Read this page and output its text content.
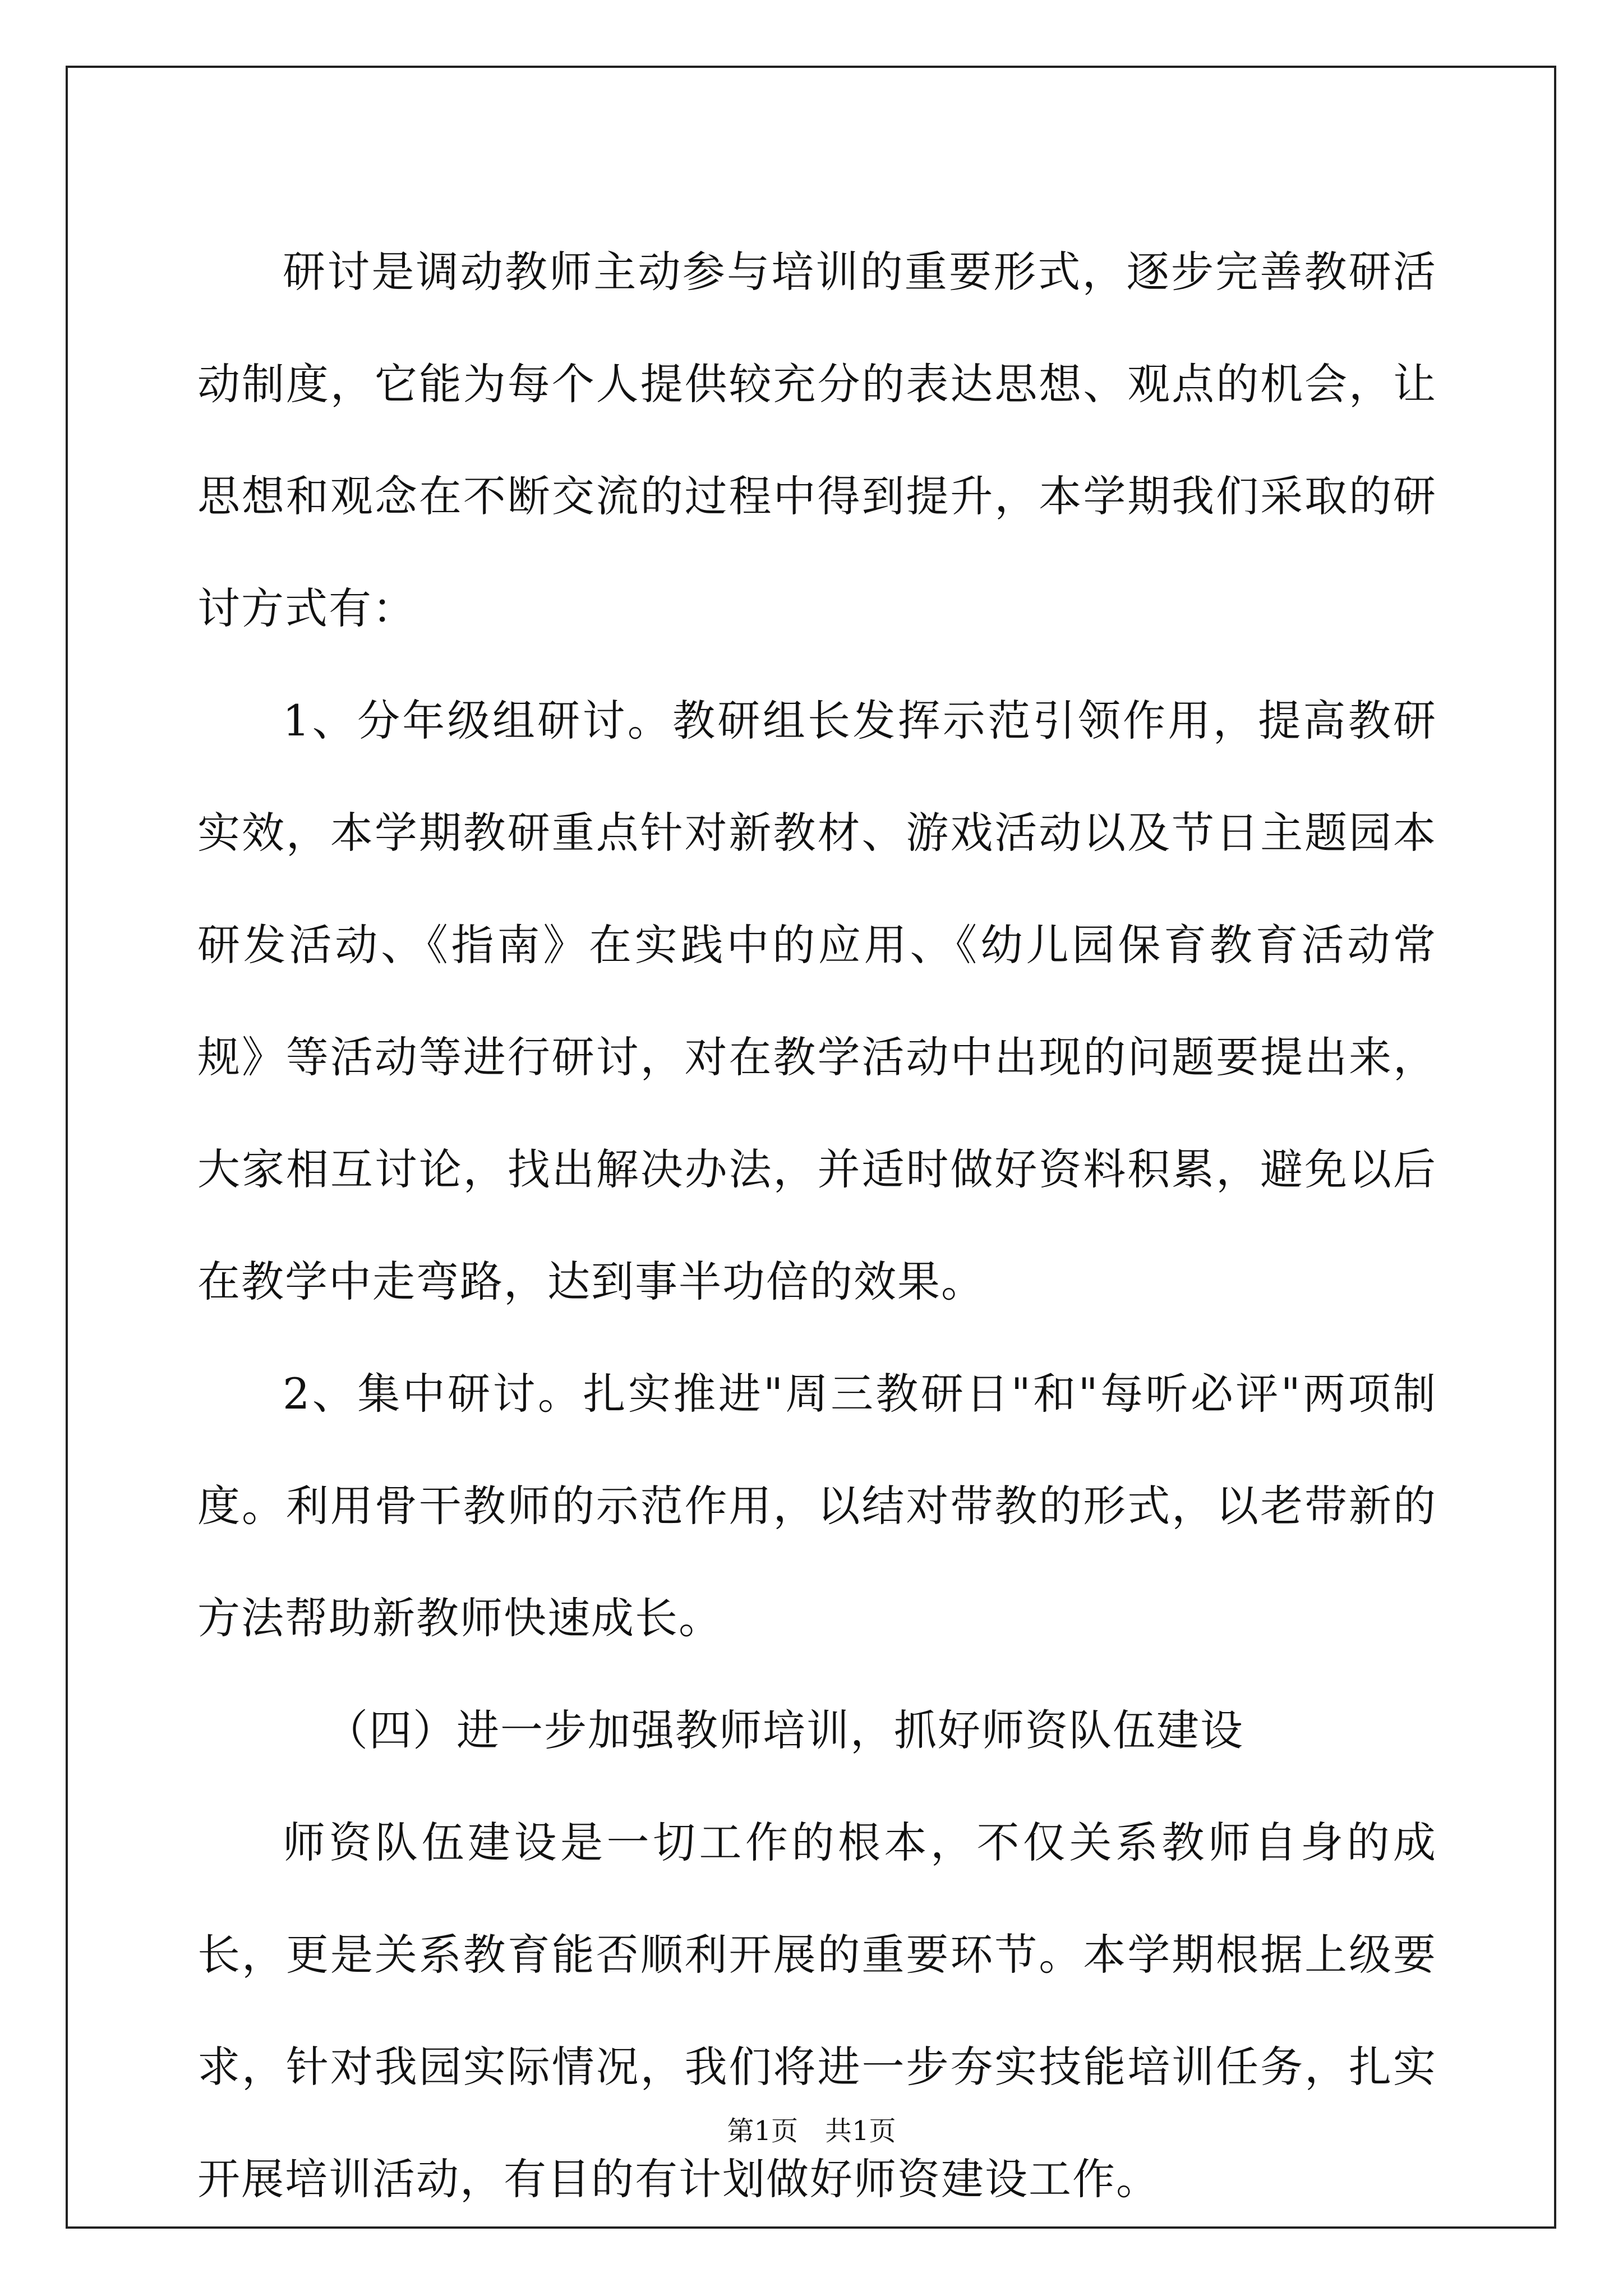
研讨是调动教师主动参与培训的重要形式，逐步完善教研活动制度，它能为每个人提供较充分的表达思想、观点的机会，让思想和观念在不断交流的过程中得到提升，本学期我们采取的研讨方式有：

1、分年级组研讨。教研组长发挥示范引领作用，提高教研实效，本学期教研重点针对新教材、游戏活动以及节日主题园本研发活动、《指南》在实践中的应用、《幼儿园保育教育活动常规》等活动等进行研讨，对在教学活动中出现的问题要提出来，大家相互讨论，找出解决办法，并适时做好资料积累，避免以后在教学中走弯路，达到事半功倍的效果。

2、集中研讨。扎实推进"周三教研日"和"每听必评"两项制度。利用骨干教师的示范作用，以结对带教的形式，以老带新的方法帮助新教师快速成长。

（四）进一步加强教师培训，抓好师资队伍建设

师资队伍建设是一切工作的根本，不仅关系教师自身的成长，更是关系教育能否顺利开展的重要环节。本学期根据上级要求，针对我园实际情况，我们将进一步夯实技能培训任务，扎实开展培训活动，有目的有计划做好师资建设工作。

第1页　共1页
